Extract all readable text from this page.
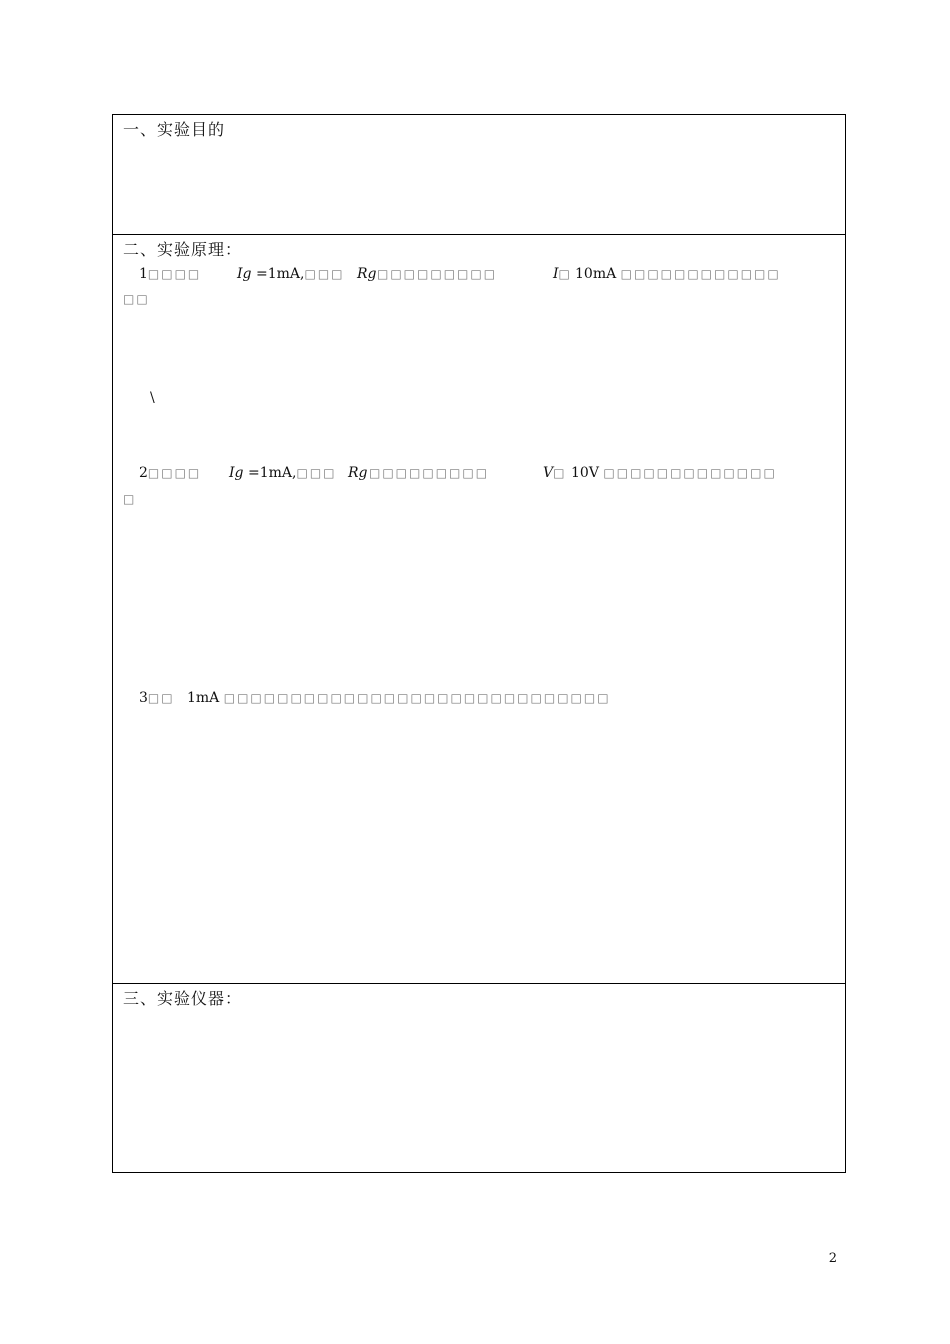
一、实验目的
二、实验原理：
1□□□□	Ig =1mA,□□□ Rg □□□□□□□□□	I□ 10mA □□□□□□□□□□□□
□□
\
2□□□□ Ig =1mA,□□□ Rg □□□□□□□□□	V□ 10V □□□□□□□□□□□□□
□
3□□ 1mA □□□□□□□□□□□□□□□□□□□□□□□□□□□□□
三、实验仪器：
2
